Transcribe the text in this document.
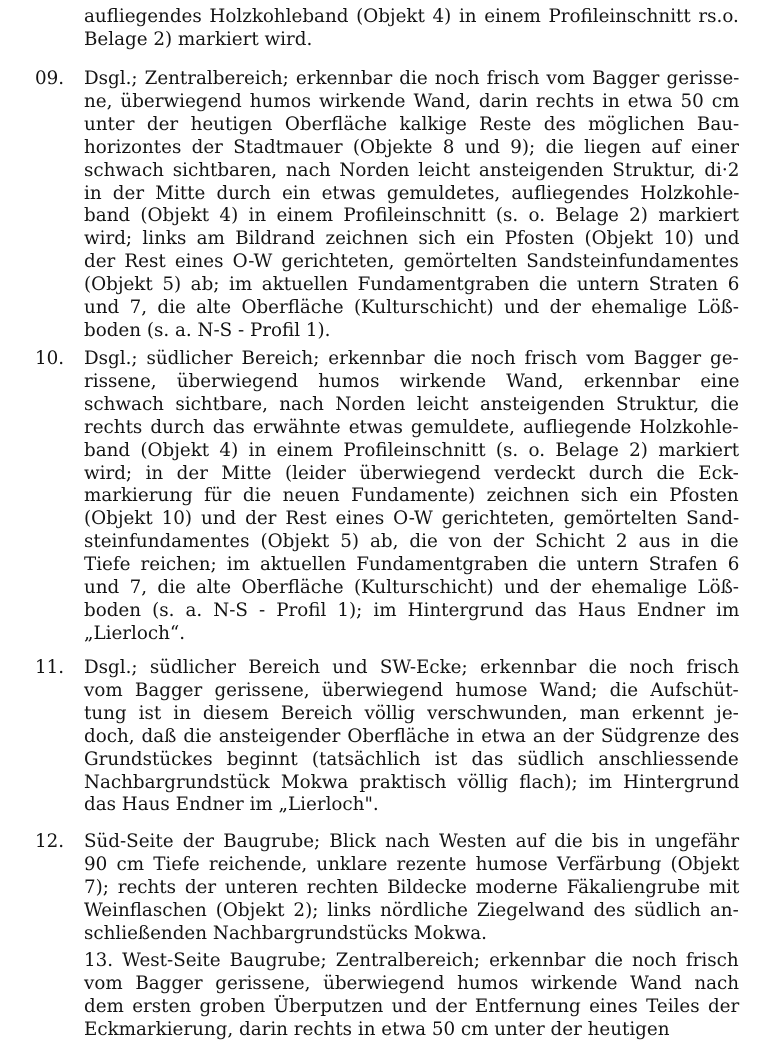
aufliegendes Holzkohleband (Objekt 4) in einem Profileinschnitt rs.o.
Belage 2) markiert wird.
09. Dsgl.; Zentralbereich; erkennbar die noch frisch vom Bagger gerisse-
ne, überwiegend humos wirkende Wand, darin rechts in etwa 50 cm
unter der heutigen Oberfläche kalkige Reste des möglichen Bau-
horizontes der Stadtmauer (Objekte 8 und 9); die liegen auf einer
schwach sichtbaren, nach Norden leicht ansteigenden Struktur, di·2
in der Mitte durch ein etwas gemuldetes, aufliegendes Holzkohle-
band (Objekt 4) in einem Profileinschnitt (s. o. Belage 2) markiert
wird; links am Bildrand zeichnen sich ein Pfosten (Objekt 10) und
der Rest eines O-W gerichteten, gemörtelten Sandsteinfundamentes
(Objekt 5) ab; im aktuellen Fundamentgraben die untern Straten 6
und 7, die alte Oberfläche (Kulturschicht) und der ehemalige Löß-
boden (s. a. N-S - Profil 1).
10. Dsgl.; südlicher Bereich; erkennbar die noch frisch vom Bagger ge-
rissene, überwiegend humos wirkende Wand, erkennbar eine
schwach sichtbare, nach Norden leicht ansteigenden Struktur, die
rechts durch das erwähnte etwas gemuldete, aufliegende Holzkohle-
band (Objekt 4) in einem Profileinschnitt (s. o. Belage 2) markiert
wird; in der Mitte (leider überwiegend verdeckt durch die Eck-
markierung für die neuen Fundamente) zeichnen sich ein Pfosten
(Objekt 10) und der Rest eines O-W gerichteten, gemörtelten Sand-
steinfundamentes (Objekt 5) ab, die von der Schicht 2 aus in die
Tiefe reichen; im aktuellen Fundamentgraben die untern Strafen 6
und 7, die alte Oberfläche (Kulturschicht) und der ehemalige Löß-
boden (s. a. N-S - Profil 1); im Hintergrund das Haus Endner im
„Lierloch“.
11. Dsgl.; südlicher Bereich und SW-Ecke; erkennbar die noch frisch
vom Bagger gerissene, überwiegend humose Wand; die Aufschüt-
tung ist in diesem Bereich völlig verschwunden, man erkennt je-
doch, daß die ansteigender Oberfläche in etwa an der Südgrenze des
Grundstückes beginnt (tatsächlich ist das südlich anschliessende
Nachbargrundstück Mokwa praktisch völlig flach); im Hintergrund
das Haus Endner im „Lierloch".
12. Süd-Seite der Baugrube; Blick nach Westen auf die bis in ungefähr
90 cm Tiefe reichende, unklare rezente humose Verfärbung (Objekt
7); rechts der unteren rechten Bildecke moderne Fäkaliengrube mit
Weinflaschen (Objekt 2); links nördliche Ziegelwand des südlich an-
schließenden Nachbargrundstücks Mokwa.
13. West-Seite Baugrube; Zentralbereich; erkennbar die noch frisch
vom Bagger gerissene, überwiegend humos wirkende Wand nach
dem ersten groben Überputzen und der Entfernung eines Teiles der
Eckmarkierung, darin rechts in etwa 50 cm unter der heutigen
